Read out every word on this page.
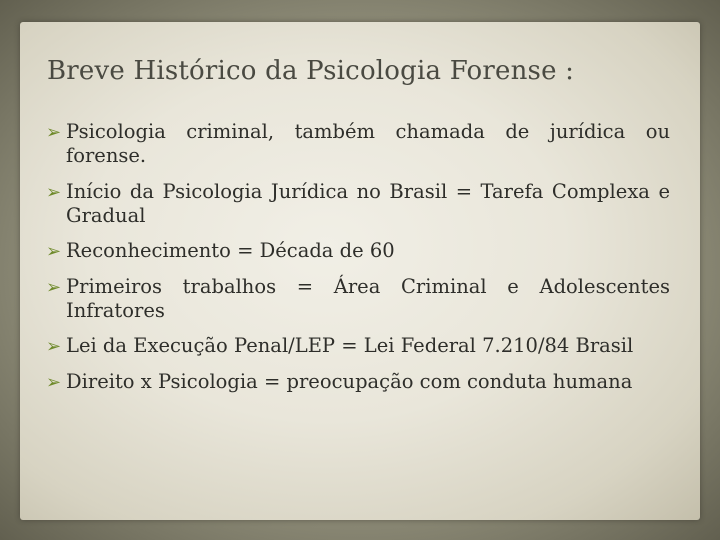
Breve Histórico da Psicologia Forense :
➢ Psicologia criminal, também chamada de jurídica ou forense.
➢ Início da Psicologia Jurídica no Brasil = Tarefa Complexa e Gradual
➢ Reconhecimento = Década de 60
➢ Primeiros trabalhos = Área Criminal e Adolescentes Infratores
➢ Lei da Execução Penal/LEP = Lei Federal 7.210/84 Brasil
➢ Direito x Psicologia = preocupação com conduta humana
